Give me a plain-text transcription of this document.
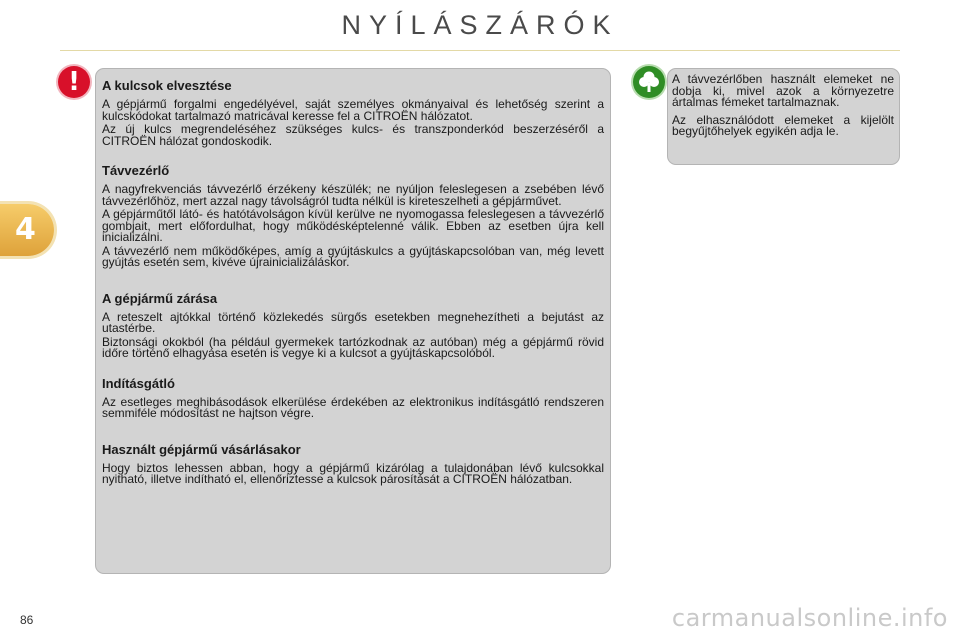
NYÍLÁSZÁRÓK
4
!	A kulcsok elvesztése

A gépjármű forgalmi engedélyével, saját személyes okmányaival és lehetőség szerint a kulcskódokat tartalmazó matricával keresse fel a CITROËN hálózatot.

Az új kulcs megrendeléséhez szükséges kulcs- és transzponderkód beszerzéséről a CITROËN hálózat gondoskodik.

Távvezérlő

A nagyfrekvenciás távvezérlő érzékeny készülék; ne nyúljon feleslegesen a zsebében lévő távvezérlőhöz, mert azzal nagy távolságról tudta nélkül is kireteszelheti a gépjárművet.

A gépjárműtől látó- és hatótávolságon kívül kerülve ne nyomogassa feleslegesen a távvezérlő gombjait, mert előfordulhat, hogy működésképtelenné válik. Ebben az esetben újra kell inicializálni.

A távvezérlő nem működőképes, amíg a gyújtáskulcs a gyújtáskapcsolóban van, még levett gyújtás esetén sem, kivéve újrainicializáláskor.

A gépjármű zárása

A reteszelt ajtókkal történő közlekedés sürgős esetekben megnehezítheti a bejutást az utastérbe.

Biztonsági okokból (ha például gyermekek tartózkodnak az autóban) még a gépjármű rövid időre történő elhagyása esetén is vegye ki a kulcsot a gyújtáskapcsolóból.

Indításgátló

Az esetleges meghibásodások elkerülése érdekében az elektronikus indításgátló rendszeren semmiféle módosítást ne hajtson végre.

Használt gépjármű vásárlásakor

Hogy biztos lehessen abban, hogy a gépjármű kizárólag a tulajdonában lévő kulcsokkal nyitható, illetve indítható el, ellenőriztesse a kulcsok párosítását a CITROËN hálózatban.

A távvezérlőben használt elemeket ne dobja ki, mivel azok a környezetre ártalmas fémeket tartalmaznak.

Az elhasználódott elemeket a kijelölt begyűjtőhelyek egyikén adja le.

86	carmanualsonline.info
